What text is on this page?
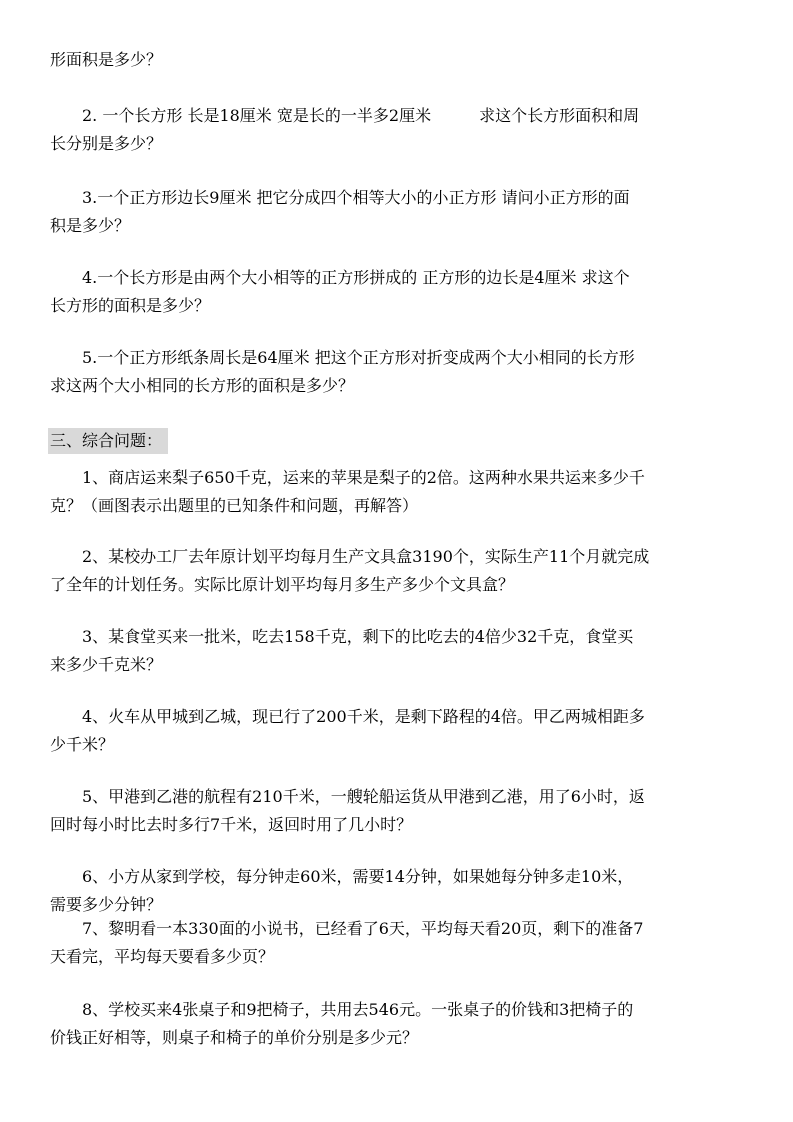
形面积是多少？

　　2. 一个长方形 长是18厘米 宽是长的一半多2厘米　　　求这个长方形面积和周
长分别是多少？

　　3.一个正方形边长9厘米 把它分成四个相等大小的小正方形 请问小正方形的面
积是多少？

　　4.一个长方形是由两个大小相等的正方形拼成的 正方形的边长是4厘米 求这个
长方形的面积是多少？

　　5.一个正方形纸条周长是64厘米 把这个正方形对折变成两个大小相同的长方形
求这两个大小相同的长方形的面积是多少？

三、综合问题：

　　1、商店运来梨子650千克，运来的苹果是梨子的2倍。这两种水果共运来多少千
克？（画图表示出题里的已知条件和问题，再解答）

　　2、某校办工厂去年原计划平均每月生产文具盒3190个，实际生产11个月就完成
了全年的计划任务。实际比原计划平均每月多生产多少个文具盒？

　　3、某食堂买来一批米，吃去158千克，剩下的比吃去的4倍少32千克，食堂买
来多少千克米？

　　4、火车从甲城到乙城，现已行了200千米，是剩下路程的4倍。甲乙两城相距多
少千米？

　　5、甲港到乙港的航程有210千米，一艘轮船运货从甲港到乙港，用了6小时，返
回时每小时比去时多行7千米，返回时用了几小时？

　　6、小方从家到学校，每分钟走60米，需要14分钟，如果她每分钟多走10米，
需要多少分钟？

　　7、黎明看一本330面的小说书，已经看了6天，平均每天看20页，剩下的准备7
天看完，平均每天要看多少页？

　　8、学校买来4张桌子和9把椅子，共用去546元。一张桌子的价钱和3把椅子的
价钱正好相等，则桌子和椅子的单价分别是多少元？
